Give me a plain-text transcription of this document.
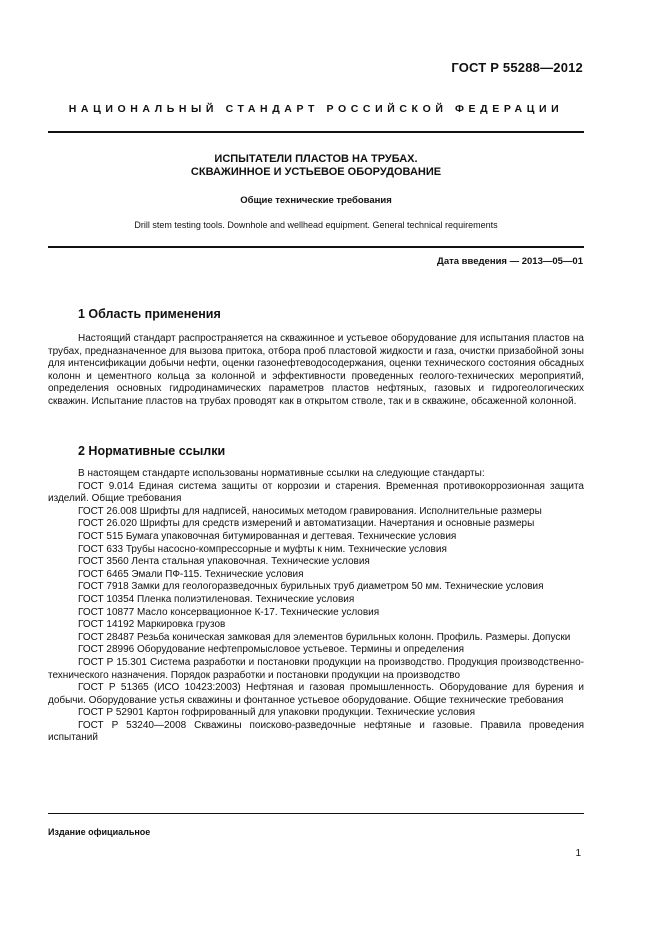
ГОСТ Р 55288—2012
НАЦИОНАЛЬНЫЙ СТАНДАРТ РОССИЙСКОЙ ФЕДЕРАЦИИ
ИСПЫТАТЕЛИ ПЛАСТОВ НА ТРУБАХ.
СКВАЖИННОЕ И УСТЬЕВОЕ ОБОРУДОВАНИЕ
Общие технические требования
Drill stem testing tools. Downhole and wellhead equipment. General technical requirements
Дата введения — 2013—05—01
1 Область применения

Настоящий стандарт распространяется на скважинное и устьевое оборудование для испытания пластов на трубах, предназначенное для вызова притока, отбора проб пластовой жидкости и газа, очистки призабойной зоны для интенсификации добычи нефти, оценки газонефтеводосодержания, оценки технического состояния обсадных колонн и цементного кольца за колонной и эффективности проведенных геолого-технических мероприятий, определения основных гидродинамических параметров пластов нефтяных, газовых и гидрогеологических скважин. Испытание пластов на трубах проводят как в открытом стволе, так и в скважине, обсаженной колонной.

2 Нормативные ссылки

В настоящем стандарте использованы нормативные ссылки на следующие стандарты:

ГОСТ 9.014 Единая система защиты от коррозии и старения. Временная противокоррозионная защита изделий. Общие требования

ГОСТ 26.008 Шрифты для надписей, наносимых методом гравирования. Исполнительные размеры

ГОСТ 26.020 Шрифты для средств измерений и автоматизации. Начертания и основные размеры

ГОСТ 515 Бумага упаковочная битумированная и дегтевая. Технические условия

ГОСТ 633 Трубы насосно-компрессорные и муфты к ним. Технические условия

ГОСТ 3560 Лента стальная упаковочная. Технические условия

ГОСТ 6465 Эмали ПФ-115. Технические условия

ГОСТ 7918 Замки для геологоразведочных бурильных труб диаметром 50 мм. Технические условия

ГОСТ 10354 Пленка полиэтиленовая. Технические условия

ГОСТ 10877 Масло консервационное К-17. Технические условия

ГОСТ 14192 Маркировка грузов

ГОСТ 28487 Резьба коническая замковая для элементов бурильных колонн. Профиль. Размеры. Допуски

ГОСТ 28996 Оборудование нефтепромысловое устьевое. Термины и определения

ГОСТ Р 15.301 Система разработки и постановки продукции на производство. Продукция производственно-технического назначения. Порядок разработки и постановки продукции на производство

ГОСТ Р 51365 (ИСО 10423:2003) Нефтяная и газовая промышленность. Оборудование для бурения и добычи. Оборудование устья скважины и фонтанное устьевое оборудование. Общие технические требования

ГОСТ Р 52901 Картон гофрированный для упаковки продукции. Технические условия

ГОСТ Р 53240—2008 Скважины поисково-разведочные нефтяные и газовые. Правила проведения испытаний

Издание официальное
1
